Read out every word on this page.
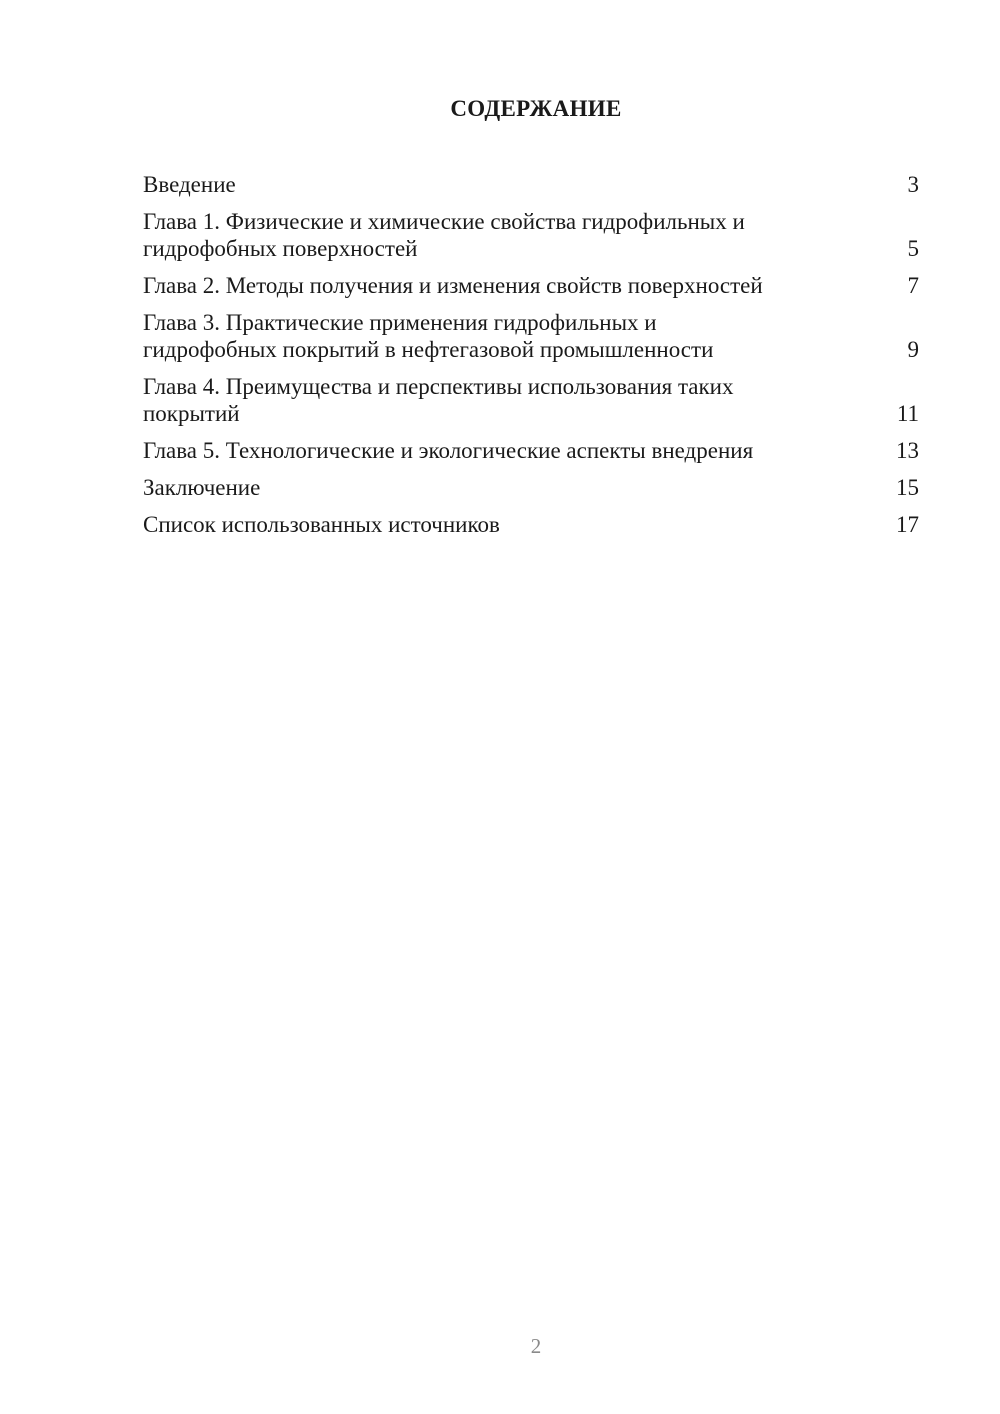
СОДЕРЖАНИЕ
Введение	3
Глава 1. Физические и химические свойства гидрофильных и гидрофобных поверхностей	5
Глава 2. Методы получения и изменения свойств поверхностей	7
Глава 3. Практические применения гидрофильных и гидрофобных покрытий в нефтегазовой промышленности	9
Глава 4. Преимущества и перспективы использования таких покрытий	11
Глава 5. Технологические и экологические аспекты внедрения	13
Заключение	15
Список использованных источников	17
2
